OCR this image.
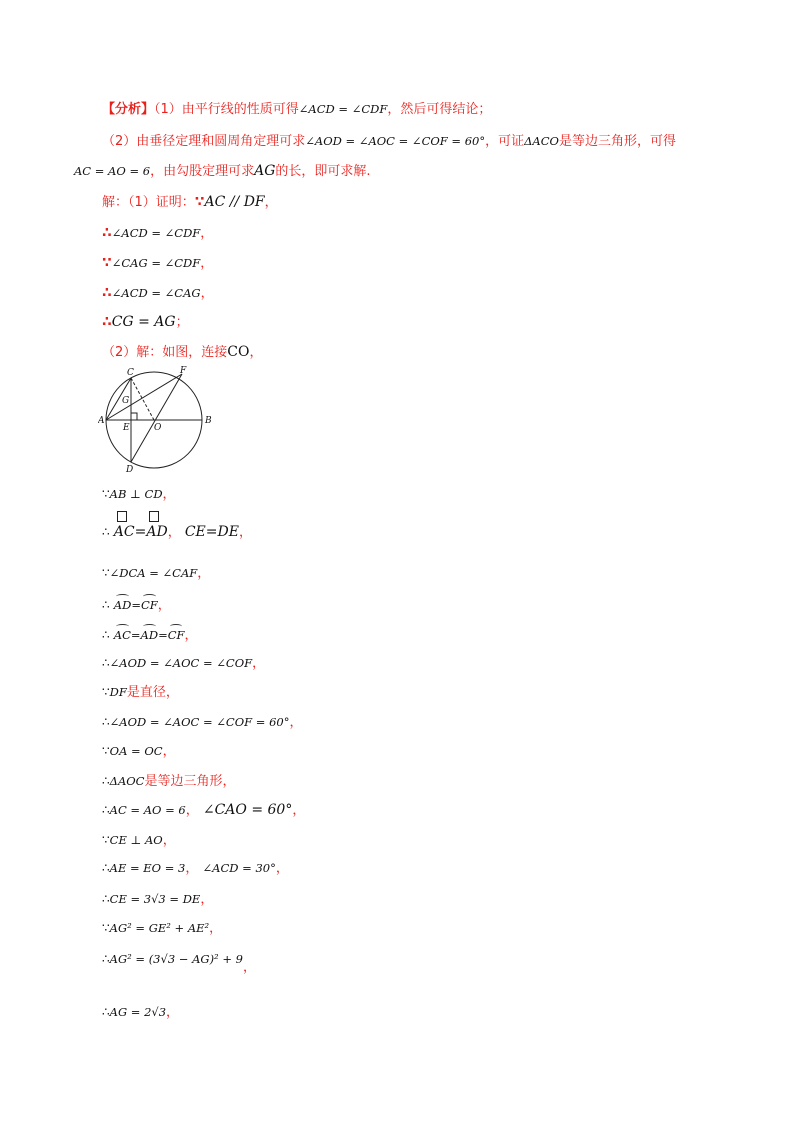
【分析】（1）由平行线的性质可得∠ACD = ∠CDF，然后可得结论；
（2）由垂径定理和圆周角定理可求∠AOD = ∠AOC = ∠COF = 60°，可证ΔACO是等边三角形，可得
AC = AO = 6，由勾股定理可求AG的长，即可求解.
解：（1）证明：∵AC // DF，
∴∠ACD = ∠CDF，
∵∠CAG = ∠CDF，
∴∠ACD = ∠CAG，
∴CG = AG；
（2）解：如图，连接CO，
C	F
G
A
E	O
B
D
∵AB ⊥ CD，
∴ AC=
AD， CE=DE，
∵∠DCA = ∠CAF，
∴ AD=CF，
∴ AC=AD=CF，
∴∠AOD = ∠AOC = ∠COF，
∵DF是直径，
∴∠AOD = ∠AOC = ∠COF = 60°，
∵OA = OC，
∴ΔAOC是等边三角形，
∴AC = AO = 6， ∠CAO = 60°，
∵CE ⊥ AO，
∴AE = EO = 3， ∠ACD = 30°，
∴CE = 3√3 = DE，
∵AG² = GE² + AE²，
∴AG² = (3√3 − AG)² + 9，
∴AG = 2√3，
